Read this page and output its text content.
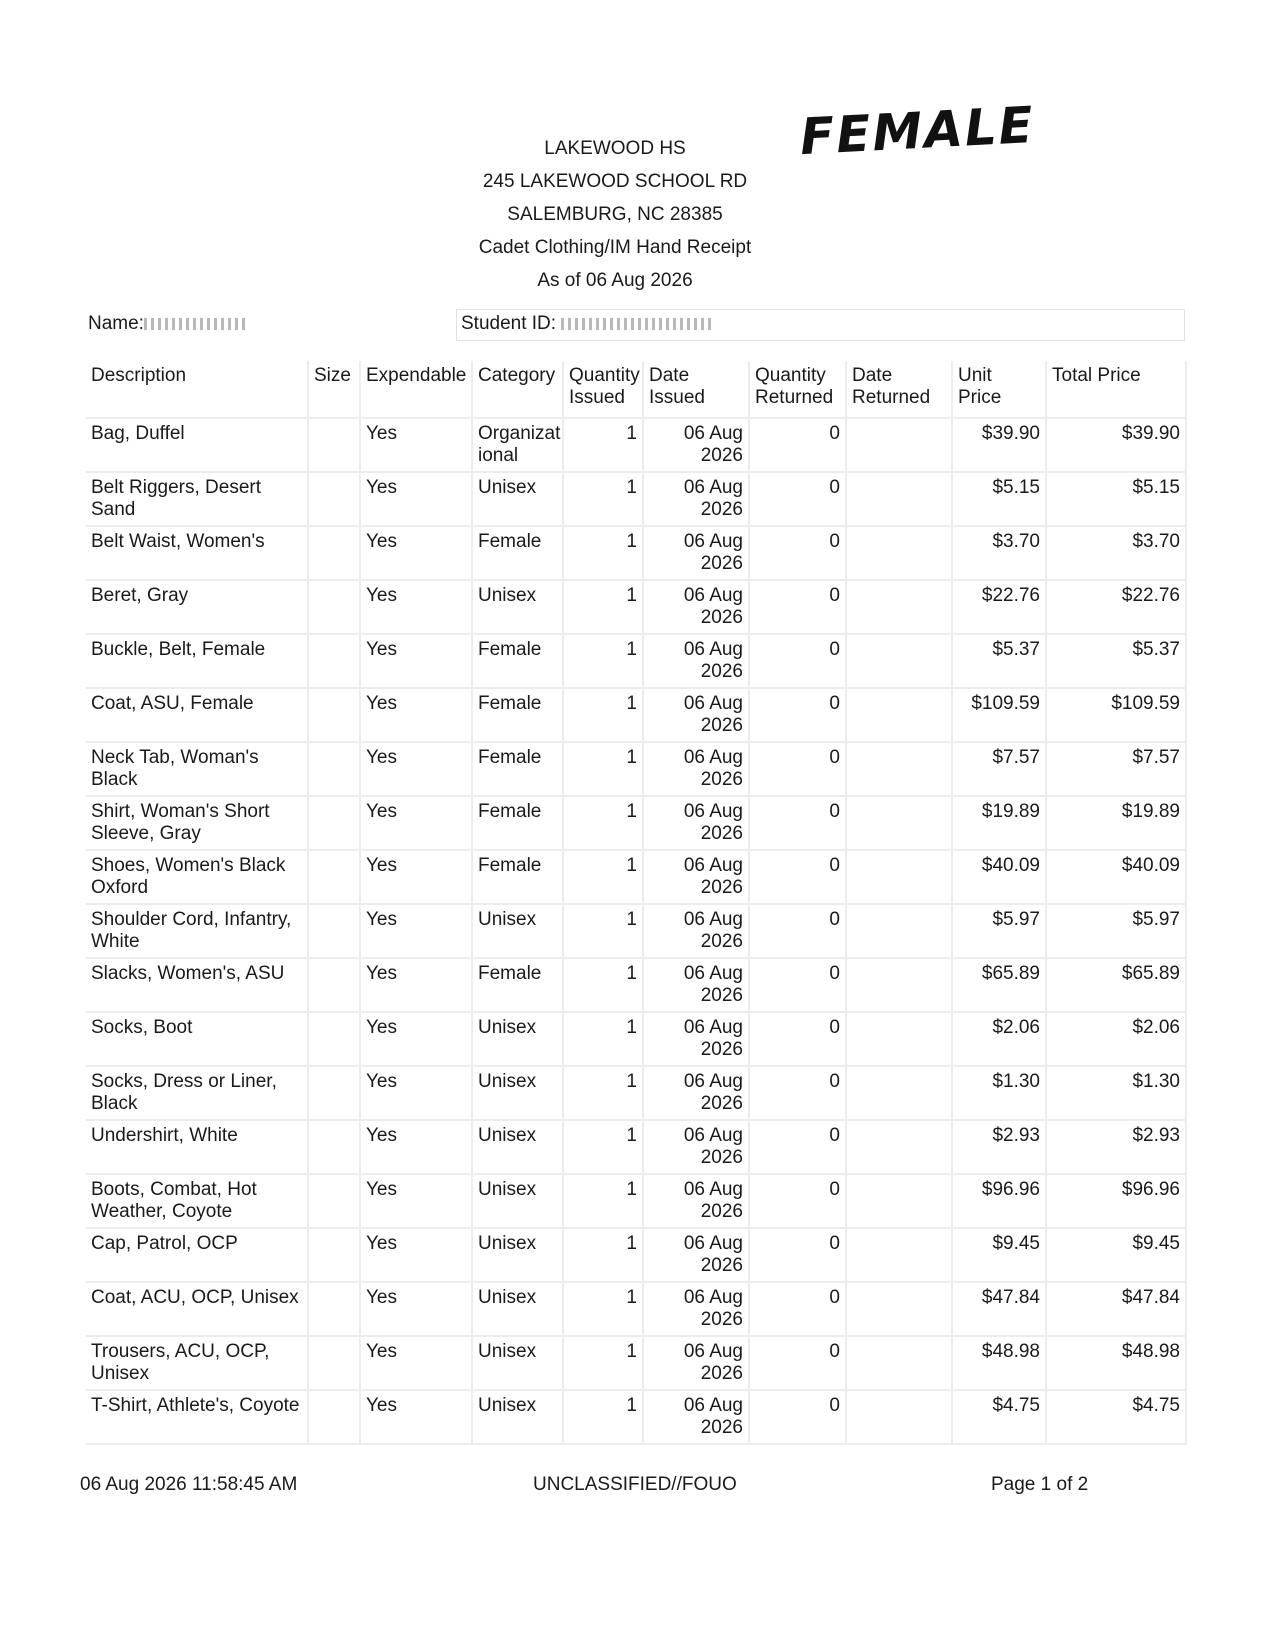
LAKEWOOD HS
245 LAKEWOOD SCHOOL RD
SALEMBURG, NC 28385
Cadet Clothing/IM Hand Receipt
As of 06 Aug 2026
FEMALE
Name:	Student ID:
Description	Size	Expendable	Category	Quantity Issued	Date Issued	Quantity Returned	Date Returned	Unit Price	Total Price
Bag, Duffel		Yes	Organizat ional	1	06 Aug 2026	0		$39.90	$39.90
Belt Riggers, Desert Sand		Yes	Unisex	1	06 Aug 2026	0		$5.15	$5.15
Belt Waist, Women's		Yes	Female	1	06 Aug 2026	0		$3.70	$3.70
Beret, Gray		Yes	Unisex	1	06 Aug 2026	0		$22.76	$22.76
Buckle, Belt, Female		Yes	Female	1	06 Aug 2026	0		$5.37	$5.37
Coat, ASU, Female		Yes	Female	1	06 Aug 2026	0		$109.59	$109.59
Neck Tab, Woman's Black		Yes	Female	1	06 Aug 2026	0		$7.57	$7.57
Shirt, Woman's Short Sleeve, Gray		Yes	Female	1	06 Aug 2026	0		$19.89	$19.89
Shoes, Women's Black Oxford		Yes	Female	1	06 Aug 2026	0		$40.09	$40.09
Shoulder Cord, Infantry, White		Yes	Unisex	1	06 Aug 2026	0		$5.97	$5.97
Slacks, Women's, ASU		Yes	Female	1	06 Aug 2026	0		$65.89	$65.89
Socks, Boot		Yes	Unisex	1	06 Aug 2026	0		$2.06	$2.06
Socks, Dress or Liner, Black		Yes	Unisex	1	06 Aug 2026	0		$1.30	$1.30
Undershirt, White		Yes	Unisex	1	06 Aug 2026	0		$2.93	$2.93
Boots, Combat, Hot Weather, Coyote		Yes	Unisex	1	06 Aug 2026	0		$96.96	$96.96
Cap, Patrol, OCP		Yes	Unisex	1	06 Aug 2026	0		$9.45	$9.45
Coat, ACU, OCP, Unisex		Yes	Unisex	1	06 Aug 2026	0		$47.84	$47.84
Trousers, ACU, OCP, Unisex		Yes	Unisex	1	06 Aug 2026	0		$48.98	$48.98
T-Shirt, Athlete's, Coyote		Yes	Unisex	1	06 Aug 2026	0		$4.75	$4.75
06 Aug 2026 11:58:45 AM	UNCLASSIFIED//FOUO	Page 1 of 2
